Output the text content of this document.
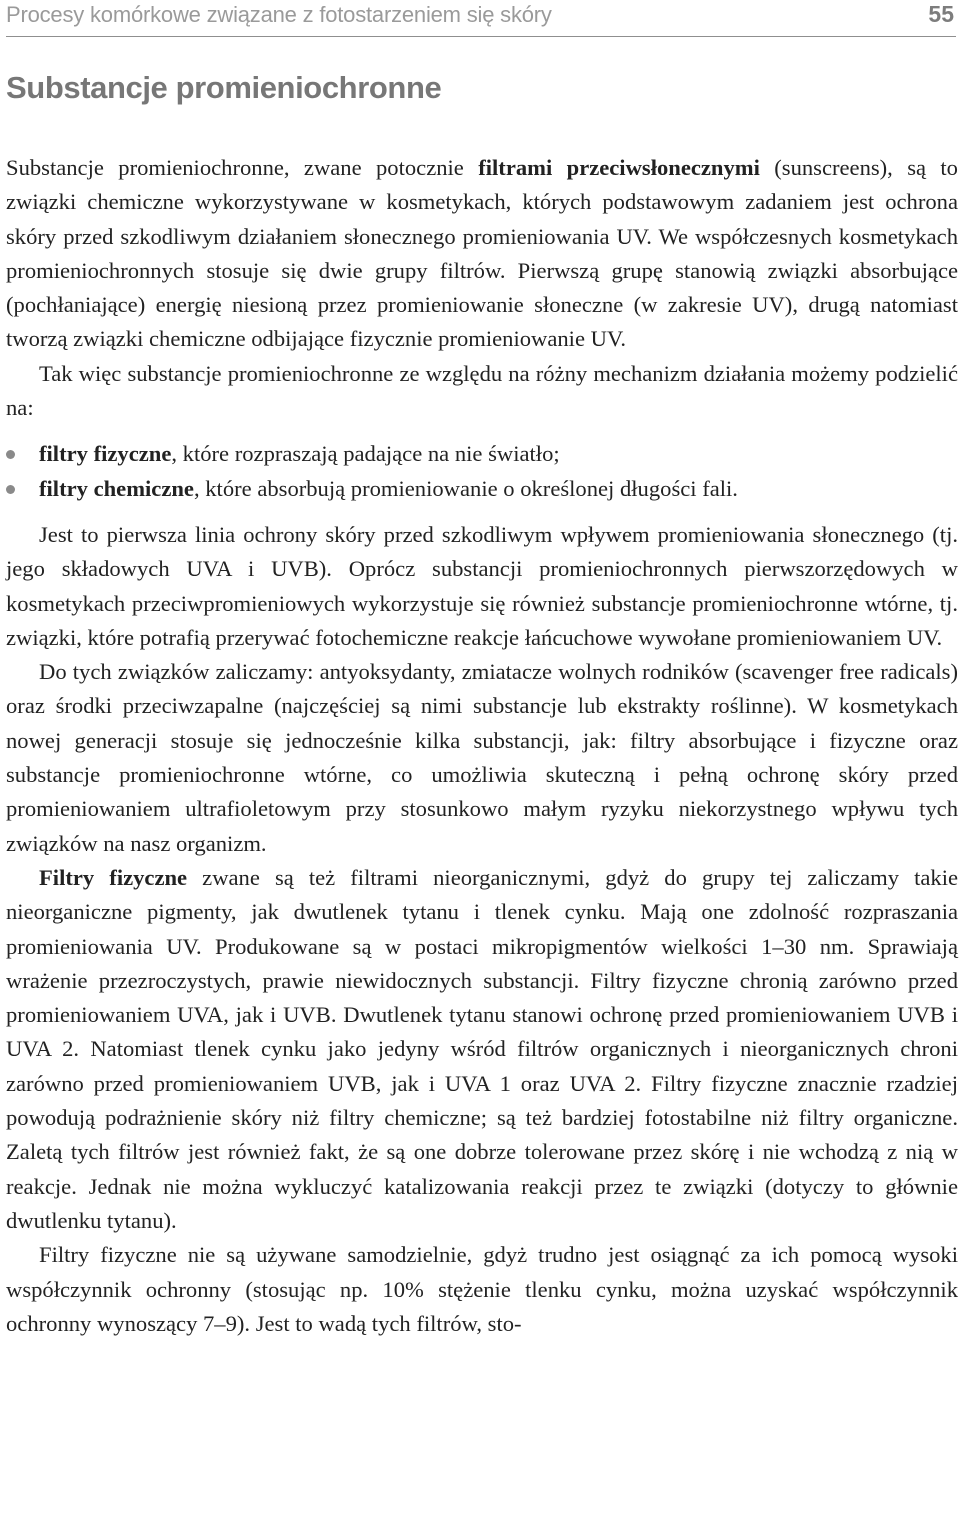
Procesy komórkowe związane z fotostarzeniem się skóry	55
Substancje promieniochronne

Substancje promieniochronne, zwane potocznie filtrami przeciwsłonecznymi (sunscreens), są to związki chemiczne wykorzystywane w kosmetykach, których podstawowym zadaniem jest ochrona skóry przed szkodliwym działaniem słonecznego promieniowania UV. We współczesnych kosmetykach promieniochronnych stosuje się dwie grupy filtrów. Pierwszą grupę stanowią związki absorbujące (pochłaniające) energię niesioną przez promieniowanie słoneczne (w zakresie UV), drugą natomiast tworzą związki chemiczne odbijające fizycznie promieniowanie UV.

Tak więc substancje promieniochronne ze względu na różny mechanizm działania możemy podzielić na:

filtry fizyczne, które rozpraszają padające na nie światło;
filtry chemiczne, które absorbują promieniowanie o określonej długości fali.

Jest to pierwsza linia ochrony skóry przed szkodliwym wpływem promieniowania słonecznego (tj. jego składowych UVA i UVB). Oprócz substancji promieniochronnych pierwszorzędowych w kosmetykach przeciwpromieniowych wykorzystuje się również substancje promieniochronne wtórne, tj. związki, które potrafią przerywać fotochemiczne reakcje łańcuchowe wywołane promieniowaniem UV.

Do tych związków zaliczamy: antyoksydanty, zmiatacze wolnych rodników (scavenger free radicals) oraz środki przeciwzapalne (najczęściej są nimi substancje lub ekstrakty roślinne). W kosmetykach nowej generacji stosuje się jednocześnie kilka substancji, jak: filtry absorbujące i fizyczne oraz substancje promieniochronne wtórne, co umożliwia skuteczną i pełną ochronę skóry przed promieniowaniem ultrafioletowym przy stosunkowo małym ryzyku niekorzystnego wpływu tych związków na nasz organizm.

Filtry fizyczne zwane są też filtrami nieorganicznymi, gdyż do grupy tej zaliczamy takie nieorganiczne pigmenty, jak dwutlenek tytanu i tlenek cynku. Mają one zdolność rozpraszania promieniowania UV. Produkowane są w postaci mikropigmentów wielkości 1–30 nm. Sprawiają wrażenie przezroczystych, prawie niewidocznych substancji. Filtry fizyczne chronią zarówno przed promieniowaniem UVA, jak i UVB. Dwutlenek tytanu stanowi ochronę przed promieniowaniem UVB i UVA 2. Natomiast tlenek cynku jako jedyny wśród filtrów organicznych i nieorganicznych chroni zarówno przed promieniowaniem UVB, jak i UVA 1 oraz UVA 2. Filtry fizyczne znacznie rzadziej powodują podrażnienie skóry niż filtry chemiczne; są też bardziej fotostabilne niż filtry organiczne. Zaletą tych filtrów jest również fakt, że są one dobrze tolerowane przez skórę i nie wchodzą z nią w reakcje. Jednak nie można wykluczyć katalizowania reakcji przez te związki (dotyczy to głównie dwutlenku tytanu).

Filtry fizyczne nie są używane samodzielnie, gdyż trudno jest osiągnąć za ich pomocą wysoki współczynnik ochronny (stosując np. 10% stężenie tlenku cynku, można uzyskać współczynnik ochronny wynoszący 7–9). Jest to wadą tych filtrów, sto-
